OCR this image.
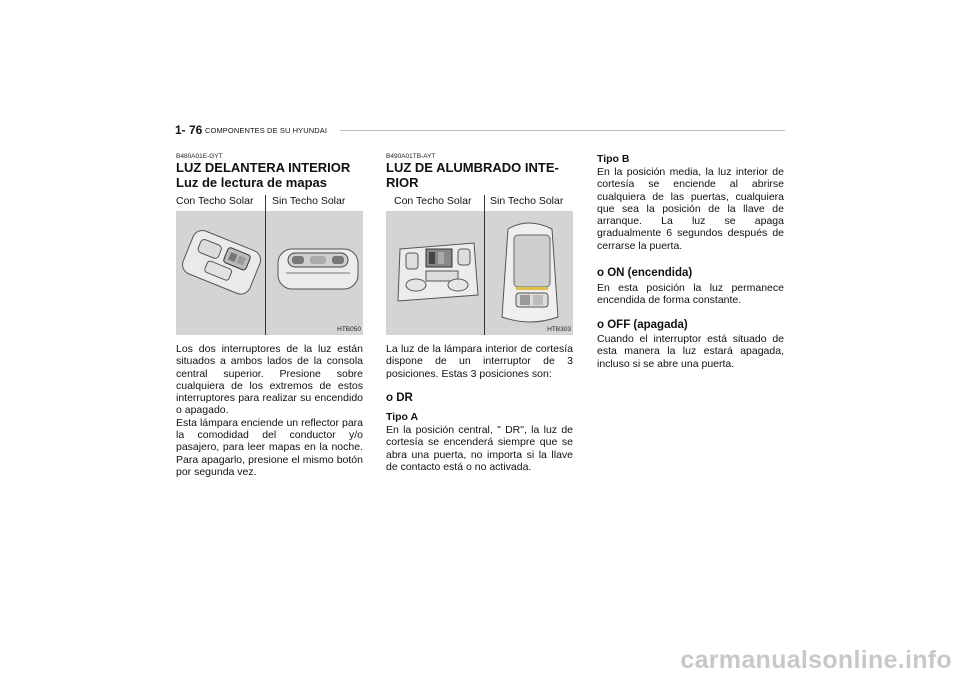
1- 76 COMPONENTES DE SU HYUNDAI
B480A01E-GYT
LUZ DELANTERA INTERIOR
Luz de lectura de mapas
Con Techo Solar	Sin Techo Solar
HTB050

Los dos interruptores de la luz están situados a ambos lados de la consola central superior. Presione sobre cualquiera de los extremos de estos interruptores para realizar su encendido o apagado.

Esta lámpara enciende un reflector para la comodidad del conductor y/o pasajero, para leer mapas en la noche. Para apagarlo, presione el mismo botón por segunda vez.

B490A01TB-AYT
LUZ DE ALUMBRADO INTE-
RIOR
Con Techo Solar	Sin Techo Solar
HTB303
La luz de la lámpara interior de cortesía dispone de un interruptor de 3 posiciones. Estas 3 posiciones son:
o DR
Tipo A
En la posición central, " DR", la luz de cortesía se encenderá siempre que se abra una puerta, no importa si la llave de contacto está o no activada.
Tipo B
En la posición media, la luz interior de cortesía se enciende al abrirse cualquiera de las puertas, cualquiera que sea la posición de la llave de arranque. La luz se apaga gradualmente 6 segundos después de cerrarse la puerta.
o ON (encendida)
En esta posición la luz permanece encendida de forma constante.
o OFF (apagada)
Cuando el interruptor está situado de esta manera la luz estará apagada, incluso si se abre una puerta.
carmanualsonline.info
